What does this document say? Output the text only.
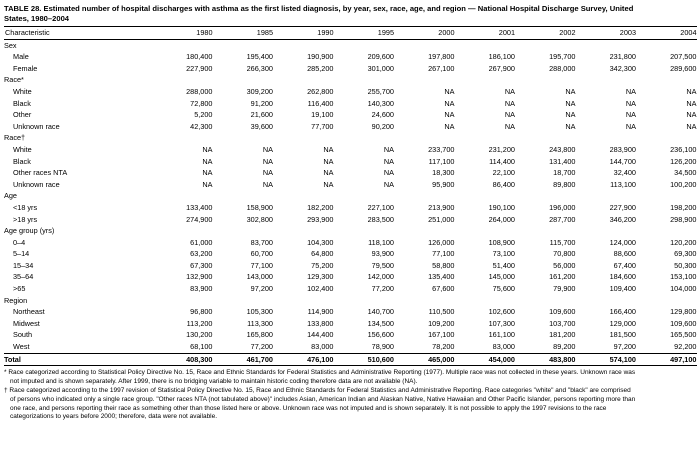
TABLE 28. Estimated number of hospital discharges with asthma as the first listed diagnosis, by year, sex, race, age, and region — National Hospital Discharge Survey, United States, 1980–2004
Characteristic	1980	1985	1990	1995	2000	2001	2002	2003	2004
Sex									
Male	180,400	195,400	190,900	209,600	197,800	186,100	195,700	231,800	207,500
Female	227,900	266,300	285,200	301,000	267,100	267,900	288,000	342,300	289,600
Race*									
White	288,000	309,200	262,800	255,700	NA	NA	NA	NA	NA
Black	72,800	91,200	116,400	140,300	NA	NA	NA	NA	NA
Other	5,200	21,600	19,100	24,600	NA	NA	NA	NA	NA
Unknown race	42,300	39,600	77,700	90,200	NA	NA	NA	NA	NA
Race†									
White	NA	NA	NA	NA	233,700	231,200	243,800	283,900	236,100
Black	NA	NA	NA	NA	117,100	114,400	131,400	144,700	126,200
Other races NTA	NA	NA	NA	NA	18,300	22,100	18,700	32,400	34,500
Unknown race	NA	NA	NA	NA	95,900	86,400	89,800	113,100	100,200
Age									
<18 yrs	133,400	158,900	182,200	227,100	213,900	190,100	196,000	227,900	198,200
>18 yrs	274,900	302,800	293,900	283,500	251,000	264,000	287,700	346,200	298,900
Age group (yrs)									
0–4	61,000	83,700	104,300	118,100	126,000	108,900	115,700	124,000	120,200
5–14	63,200	60,700	64,800	93,900	77,100	73,100	70,800	88,600	69,300
15–34	67,300	77,100	75,200	79,500	58,800	51,400	56,000	67,400	50,300
35–64	132,900	143,000	129,300	142,000	135,400	145,000	161,200	184,600	153,100
>65	83,900	97,200	102,400	77,200	67,600	75,600	79,900	109,400	104,000
Region									
Northeast	96,800	105,300	114,900	140,700	110,500	102,600	109,600	166,400	129,800
Midwest	113,200	113,300	133,800	134,500	109,200	107,300	103,700	129,000	109,600
South	130,200	165,800	144,400	156,600	167,100	161,100	181,200	181,500	165,500
West	68,100	77,200	83,000	78,900	78,200	83,000	89,200	97,200	92,200
Total	408,300	461,700	476,100	510,600	465,000	454,000	483,800	574,100	497,100

* Race categorized according to Statistical Policy Directive No. 15, Race and Ethnic Standards for Federal Statistics and Administrative Reporting (1977). Multiple race was not collected in these years. Unknown race was not imputed and is shown separately. After 1999, there is no bridging variable to maintain historic coding therefore data are not available (NA).

† Race categorized according to the 1997 revision of Statistical Policy Directive No. 15, Race and Ethnic Standards for Federal Statistics and Administrative Reporting. Race categories "white" and "black" are comprised of persons who indicated only a single race group. "Other races NTA (not tabulated above)" includes Asian, American Indian and Alaskan Native, Native Hawaiian and Other Pacific Islander, persons reporting more than one race, and persons reporting their race as something other than those listed here or above. Unknown race was not imputed and is shown separately. It is not possible to apply the 1997 revisions to the race categorizations to years before 2000; therefore, data were not available.
